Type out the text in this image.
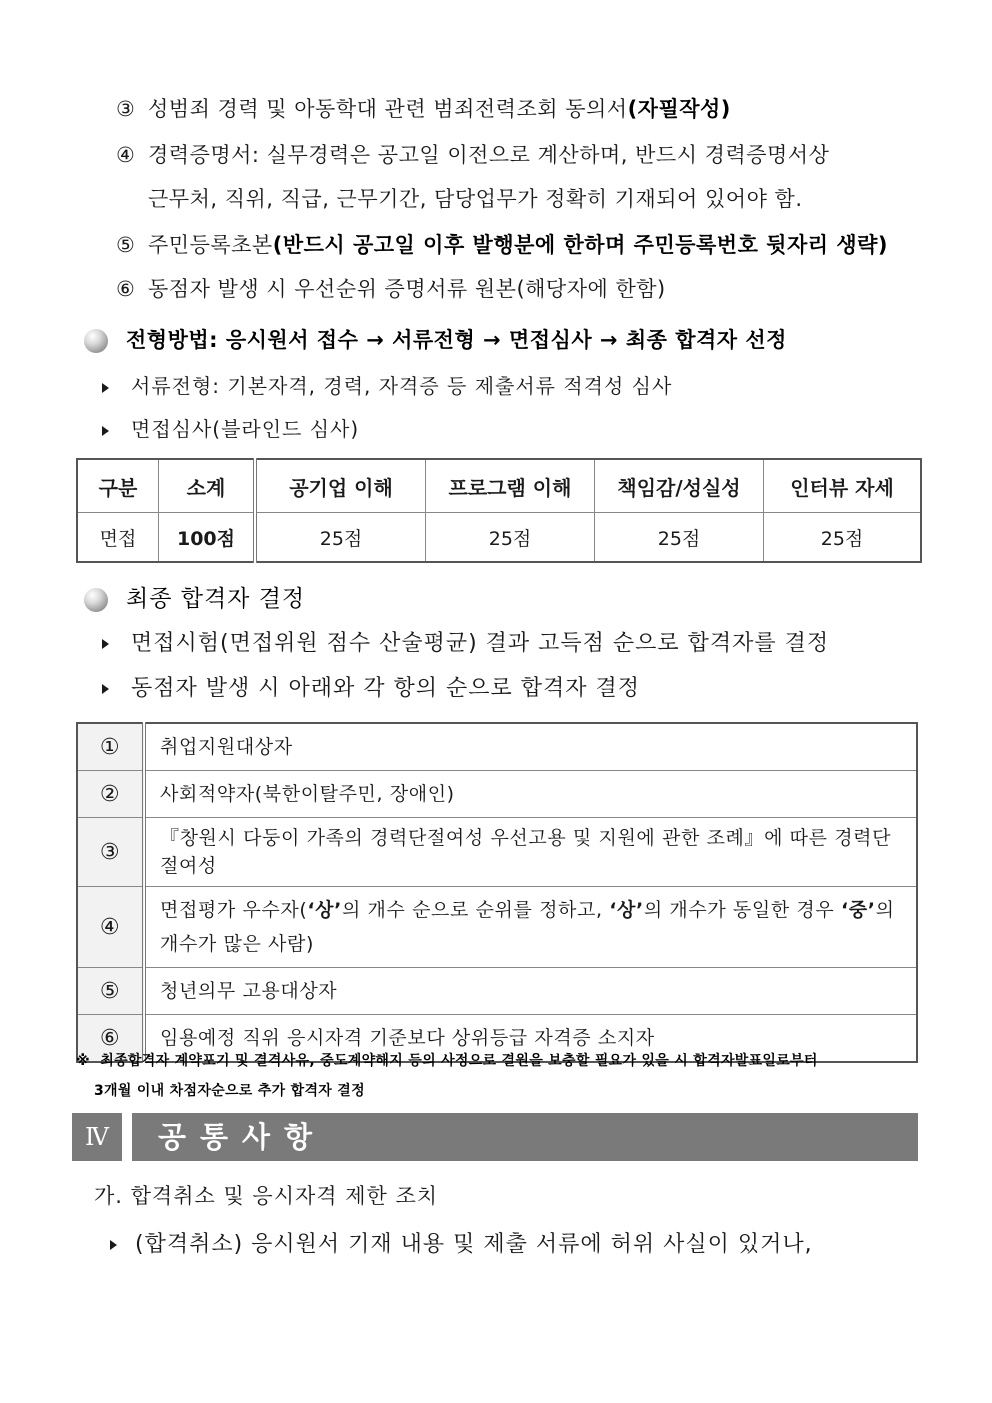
③ 성범죄 경력 및 아동학대 관련 범죄전력조회 동의서(자필작성)
④ 경력증명서: 실무경력은 공고일 이전으로 계산하며, 반드시 경력증명서상
근무처, 직위, 직급, 근무기간, 담당업무가 정확히 기재되어 있어야 함.
⑤ 주민등록초본(반드시 공고일 이후 발행분에 한하며 주민등록번호 뒷자리 생략)
⑥ 동점자 발생 시 우선순위 증명서류 원본(해당자에 한함)
전형방법: 응시원서 접수 → 서류전형 → 면접심사 → 최종 합격자 선정
서류전형: 기본자격, 경력, 자격증 등 제출서류 적격성 심사
면접심사(블라인드 심사)
구분	소계	공기업 이해	프로그램 이해	책임감/성실성	인터뷰 자세
면접	100점	25점	25점	25점	25점
최종 합격자 결정
면접시험(면접위원 점수 산술평균) 결과 고득점 순으로 합격자를 결정
동점자 발생 시 아래와 각 항의 순으로 합격자 결정
①	취업지원대상자
②	사회적약자(북한이탈주민, 장애인)
③	『창원시 다둥이 가족의 경력단절여성 우선고용 및 지원에 관한 조례』에 따른 경력단절여성
④	면접평가 우수자(‘상’의 개수 순으로 순위를 정하고, ‘상’의 개수가 동일한 경우 ‘중’의 개수가 많은 사람)
⑤	청년의무 고용대상자
⑥	임용예정 직위 응시자격 기준보다 상위등급 자격증 소지자
※ 최종합격자 계약포기 및 결격사유, 중도계약해지 등의 사정으로 결원을 보충할 필요가 있을 시 합격자발표일로부터
3개월 이내 차점자순으로 추가 합격자 결정
Ⅳ	공통사항
가. 합격취소 및 응시자격 제한 조치
(합격취소) 응시원서 기재 내용 및 제출 서류에 허위 사실이 있거나,
